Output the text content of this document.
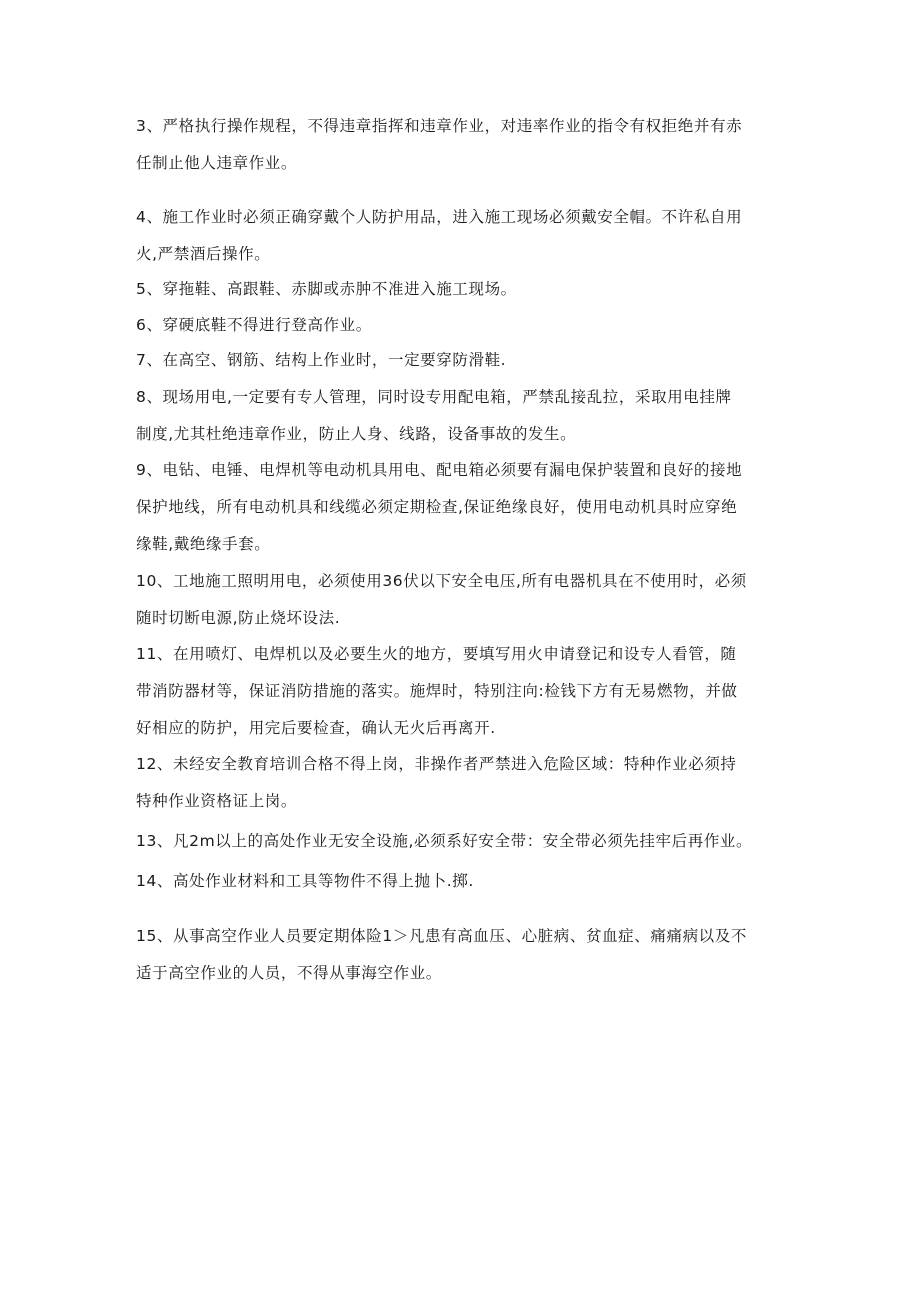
3、严格执行操作规程，不得违章指挥和违章作业，对违率作业的指令有权拒绝并有赤
任制止他人违章作业。

4、施工作业时必须正确穿戴个人防护用品，进入施工现场必须戴安全帽。不许私自用
火,严禁酒后操作。

5、穿拖鞋、高跟鞋、赤脚或赤肿不准进入施工现场。

6、穿硬底鞋不得进行登高作业。

7、在高空、钢筋、结构上作业时，一定要穿防滑鞋.

8、现场用电,一定要有专人管理，同时设专用配电箱，严禁乱接乱拉，采取用电挂牌
制度,尤其杜绝违章作业，防止人身、线路，设备事故的发生。

9、电钻、电锤、电焊机等电动机具用电、配电箱必须要有漏电保护装置和良好的接地
保护地线，所有电动机具和线缆必须定期检查,保证绝缘良好，使用电动机具时应穿绝
缘鞋,戴绝缘手套。

10、工地施工照明用电，必须使用36伏以下安全电压,所有电器机具在不使用时，必须
随时切断电源,防止烧坏设法.

11、在用喷灯、电焊机以及必要生火的地方，要填写用火申请登记和设专人看管，随
带消防器材等，保证消防措施的落实。施焊时，特别注向:检钱下方有无易燃物，并做
好相应的防护，用完后要检查，确认无火后再离开.

12、未经安全教育培训合格不得上岗，非操作者严禁进入危险区域：特种作业必须持
特种作业资格证上岗。

13、凡2m以上的高处作业无安全设施,必须系好安全带：安全带必须先挂牢后再作业。

14、高处作业材料和工具等物件不得上抛卜.掷.

15、从事高空作业人员要定期体险1＞凡患有高血压、心脏病、贫血症、痛痛病以及不
适于高空作业的人员，不得从事海空作业。
